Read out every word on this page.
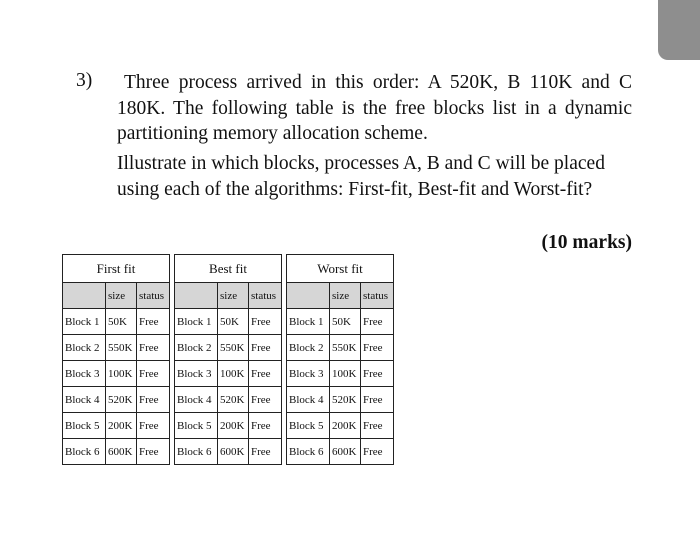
3)	Three process arrived in this order: A 520K, B 110K and C 180K. The following table is the free blocks list in a dynamic partitioning memory allocation scheme.
Illustrate in which blocks, processes A, B and C will be placed using each of the algorithms: First-fit, Best-fit and Worst-fit?
(10 marks)
First fit		
	size	status
Block 1	50K	Free
Block 2	550K	Free
Block 3	100K	Free
Block 4	520K	Free
Block 5	200K	Free
Block 6	600K	Free
Best fit		
	size	status
Block 1	50K	Free
Block 2	550K	Free
Block 3	100K	Free
Block 4	520K	Free
Block 5	200K	Free
Block 6	600K	Free
Worst fit		
	size	status
Block 1	50K	Free
Block 2	550K	Free
Block 3	100K	Free
Block 4	520K	Free
Block 5	200K	Free
Block 6	600K	Free
